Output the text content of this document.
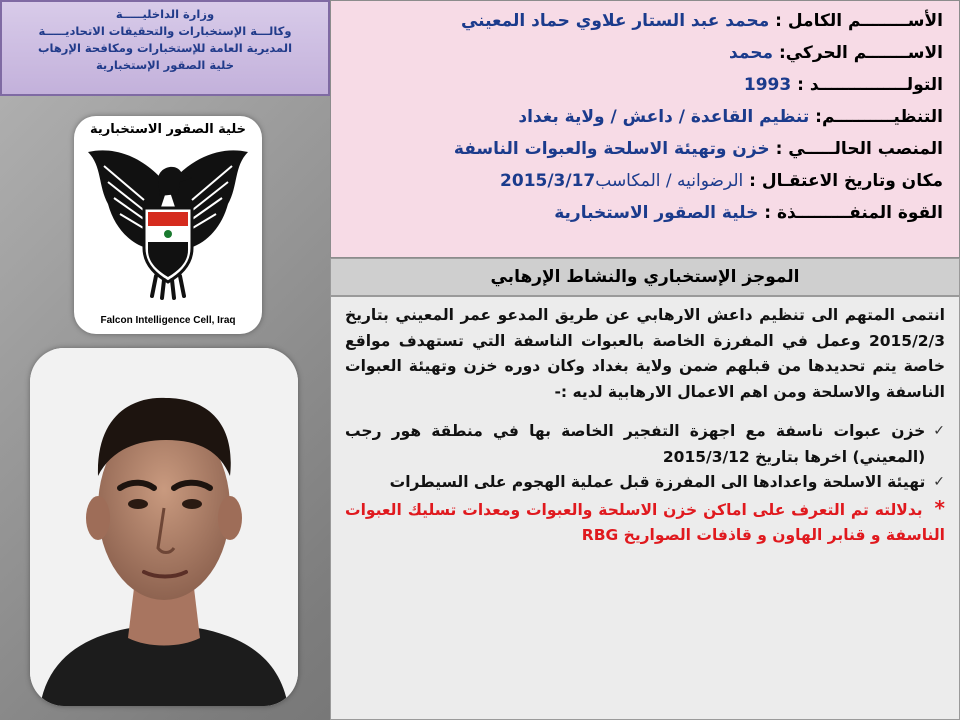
وزارة الداخليـــــة
وكالـــة الإستخبارات والتحقيقات الاتحاديـــــة
المديرية العامة للإستخبارات ومكافحة الإرهاب
خلية الصقور الإستخبارية
الأســــــــم الكامل : محمد عبد الستار علاوي حماد المعيني
الاســـــــم الحركي: محمد
التولـــــــــــــــد : 1993
التنظيــــــــــم: تنظيم القاعدة / داعش / ولاية بغداد
المنصب الحالـــــي : خزن وتهيئة الاسلحة والعبوات الناسفة
مكان وتاريخ الاعتقـال : الرضوانيه / المكاسب2015/3/17
القوة المنفـــــــــذة : خلية الصقور الاستخبارية
الموجز الإستخباري والنشاط الإرهابي

انتمى المتهم الى تنظيم داعش الارهابي عن طريق المدعو عمر المعيني بتاريخ 2015/2/3 وعمل في المفرزة الخاصة بالعبوات الناسفة التي تستهدف مواقع خاصة يتم تحديدها من قبلهم ضمن ولاية بغداد وكان دوره خزن وتهيئة العبوات الناسفة والاسلحة ومن اهم الاعمال الارهابية لديه :-

✓
خزن عبوات ناسفة مع اجهزة التفجير الخاصة بها في منطقة هور رجب (المعيني) اخرها بتاريخ 2015/3/12
✓
تهيئة الاسلحة واعدادها الى المفرزة قبل عملية الهجوم على السيطرات

* بدلالته تم التعرف على اماكن خزن الاسلحة والعبوات ومعدات تسليك العبوات الناسفة و قنابر الهاون و قاذفات الصواريخ RBG

خلية الصقور الاستخبارية
Falcon Intelligence Cell, Iraq
